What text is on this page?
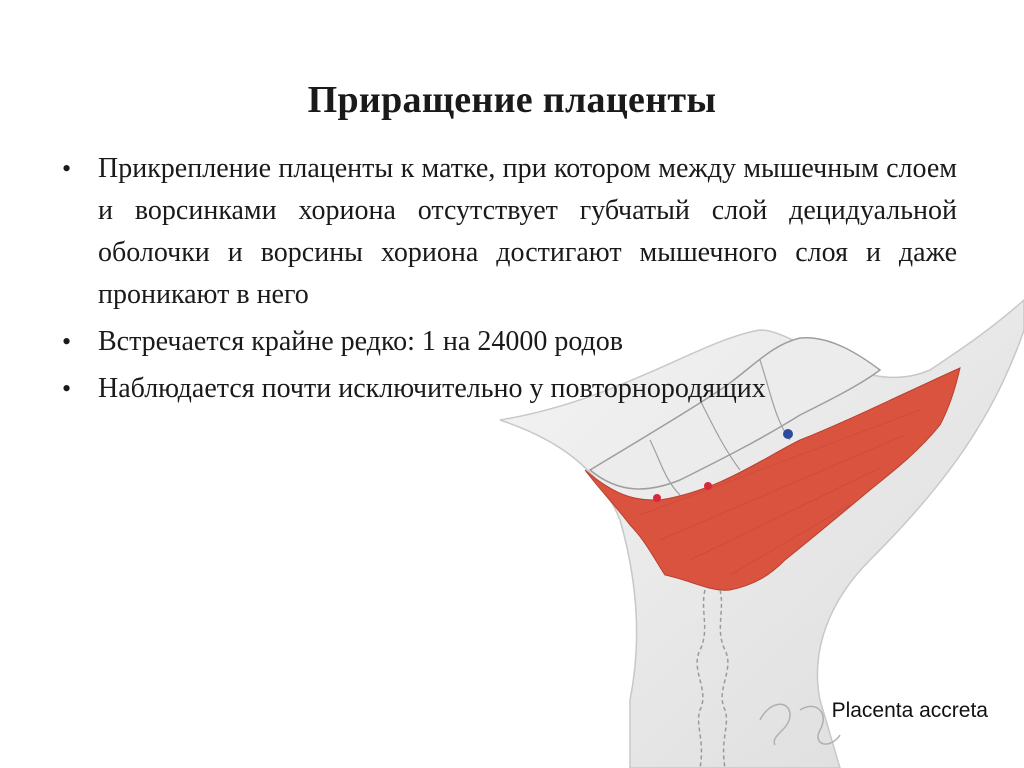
Приращение плаценты
• Прикрепление плаценты к матке, при котором между мышечным слоем и ворсинками хориона отсутствует губчатый слой децидуальной оболочки и ворсины хориона достигают мышечного слоя и даже проникают в него
• Встречается крайне редко: 1 на 24000 родов
• Наблюдается почти исключительно у повторнородящих
Placenta accreta
